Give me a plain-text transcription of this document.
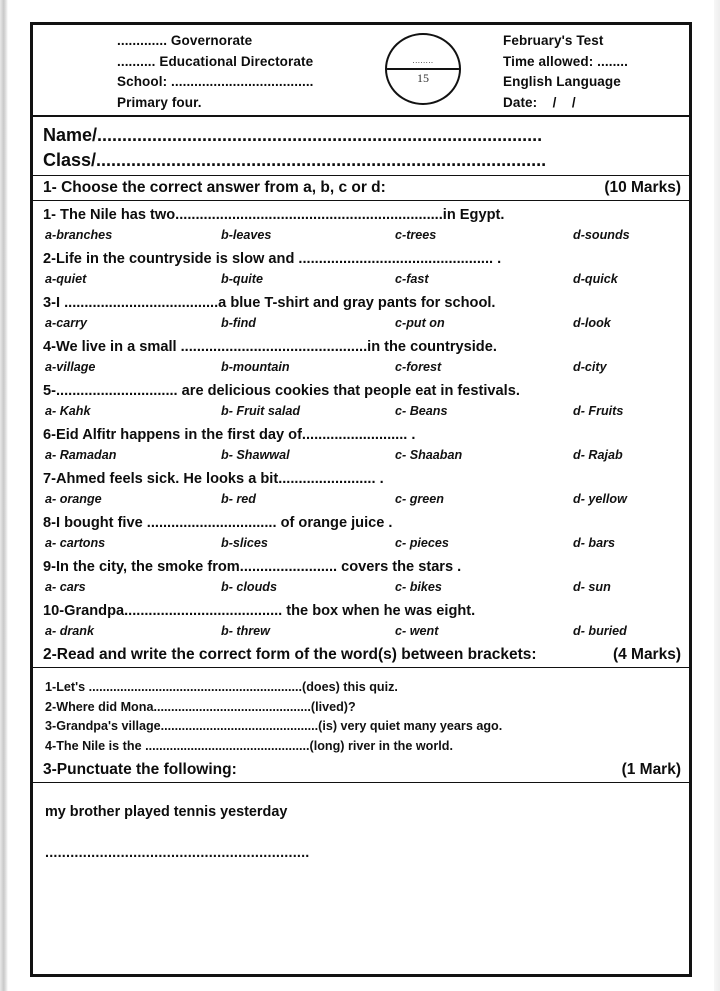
............. Governorate
.......... Educational Directorate
School: .....................................
Primary four.
........
15
February's Test
Time allowed: ........
English Language
Date:    /    /
Name/.........................................................................................
Class/..........................................................................................
1- Choose the correct answer from a, b, c or d:	(10 Marks)
1- The Nile has two..................................................................in Egypt.
a-branches	b-leaves	c-trees	d-sounds
2-Life in the countryside is slow and ................................................ .
a-quiet	b-quite	c-fast	d-quick
3-I ......................................a blue T-shirt and gray pants for school.
a-carry	b-find	c-put on	d-look
4-We live in a small ..............................................in the countryside.
a-village	b-mountain	c-forest	d-city
5-.............................. are delicious cookies that people eat in festivals.
a- Kahk	b- Fruit salad	c- Beans	d- Fruits
6-Eid Alfitr happens in the first day of.......................... .
a- Ramadan	b- Shawwal	c- Shaaban	d- Rajab
7-Ahmed feels sick. He looks a bit........................ .
a- orange	b- red	c- green	d- yellow
8-I bought five ................................ of orange juice .
a- cartons	b-slices	c- pieces	d- bars
9-In the city, the smoke from........................ covers the stars .
a- cars	b- clouds	c- bikes	d- sun
10-Grandpa....................................... the box when he was eight.
a- drank	b- threw	c- went	d- buried
2-Read and write the correct form of the word(s) between brackets:	(4 Marks)
1-Let's .............................................................(does) this quiz.
2-Where did Mona.............................................(lived)?
3-Grandpa's village.............................................(is) very quiet many years ago.
4-The Nile is the ...............................................(long) river in the world.
3-Punctuate the following:	(1 Mark)
my brother played tennis yesterday
...............................................................
